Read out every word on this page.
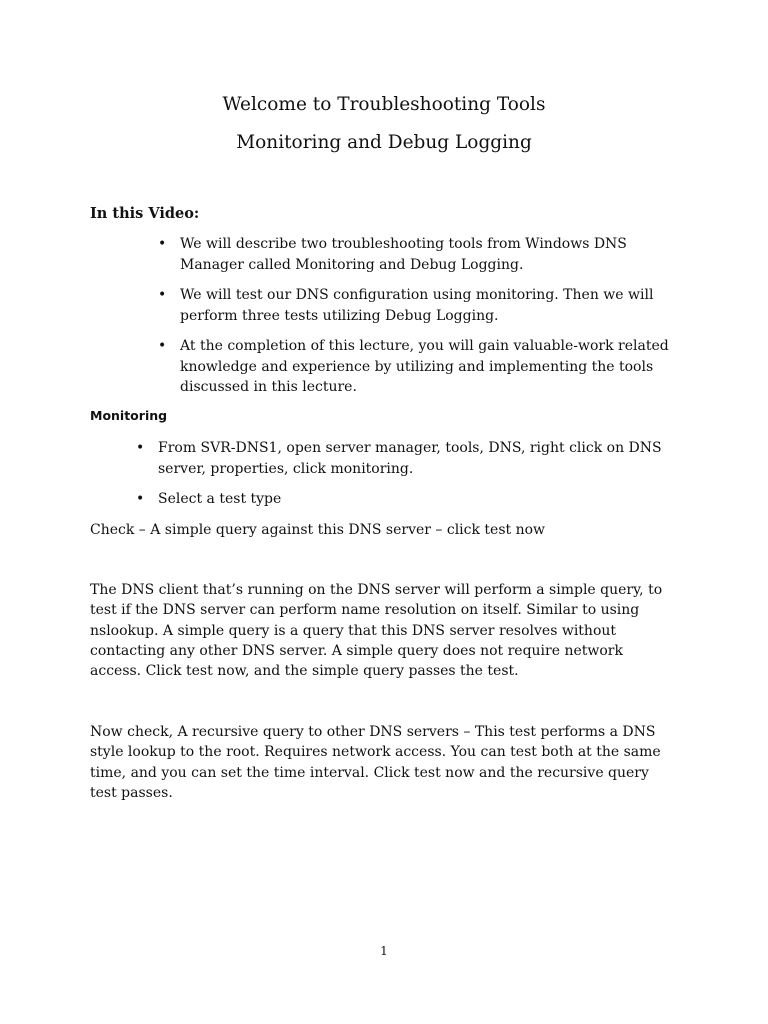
Welcome to Troubleshooting Tools
Monitoring and Debug Logging
In this Video:
• We will describe two troubleshooting tools from Windows DNS Manager called Monitoring and Debug Logging.
• We will test our DNS configuration using monitoring. Then we will perform three tests utilizing Debug Logging.
• At the completion of this lecture, you will gain valuable-work related knowledge and experience by utilizing and implementing the tools discussed in this lecture.
Monitoring
• From SVR-DNS1, open server manager, tools, DNS, right click on DNS server, properties, click monitoring.
• Select a test type

Check – A simple query against this DNS server – click test now

The DNS client that’s running on the DNS server will perform a simple query, to test if the DNS server can perform name resolution on itself. Similar to using nslookup. A simple query is a query that this DNS server resolves without contacting any other DNS server. A simple query does not require network access. Click test now, and the simple query passes the test.

Now check, A recursive query to other DNS servers – This test performs a DNS style lookup to the root. Requires network access. You can test both at the same time, and you can set the time interval. Click test now and the recursive query test passes.

1
